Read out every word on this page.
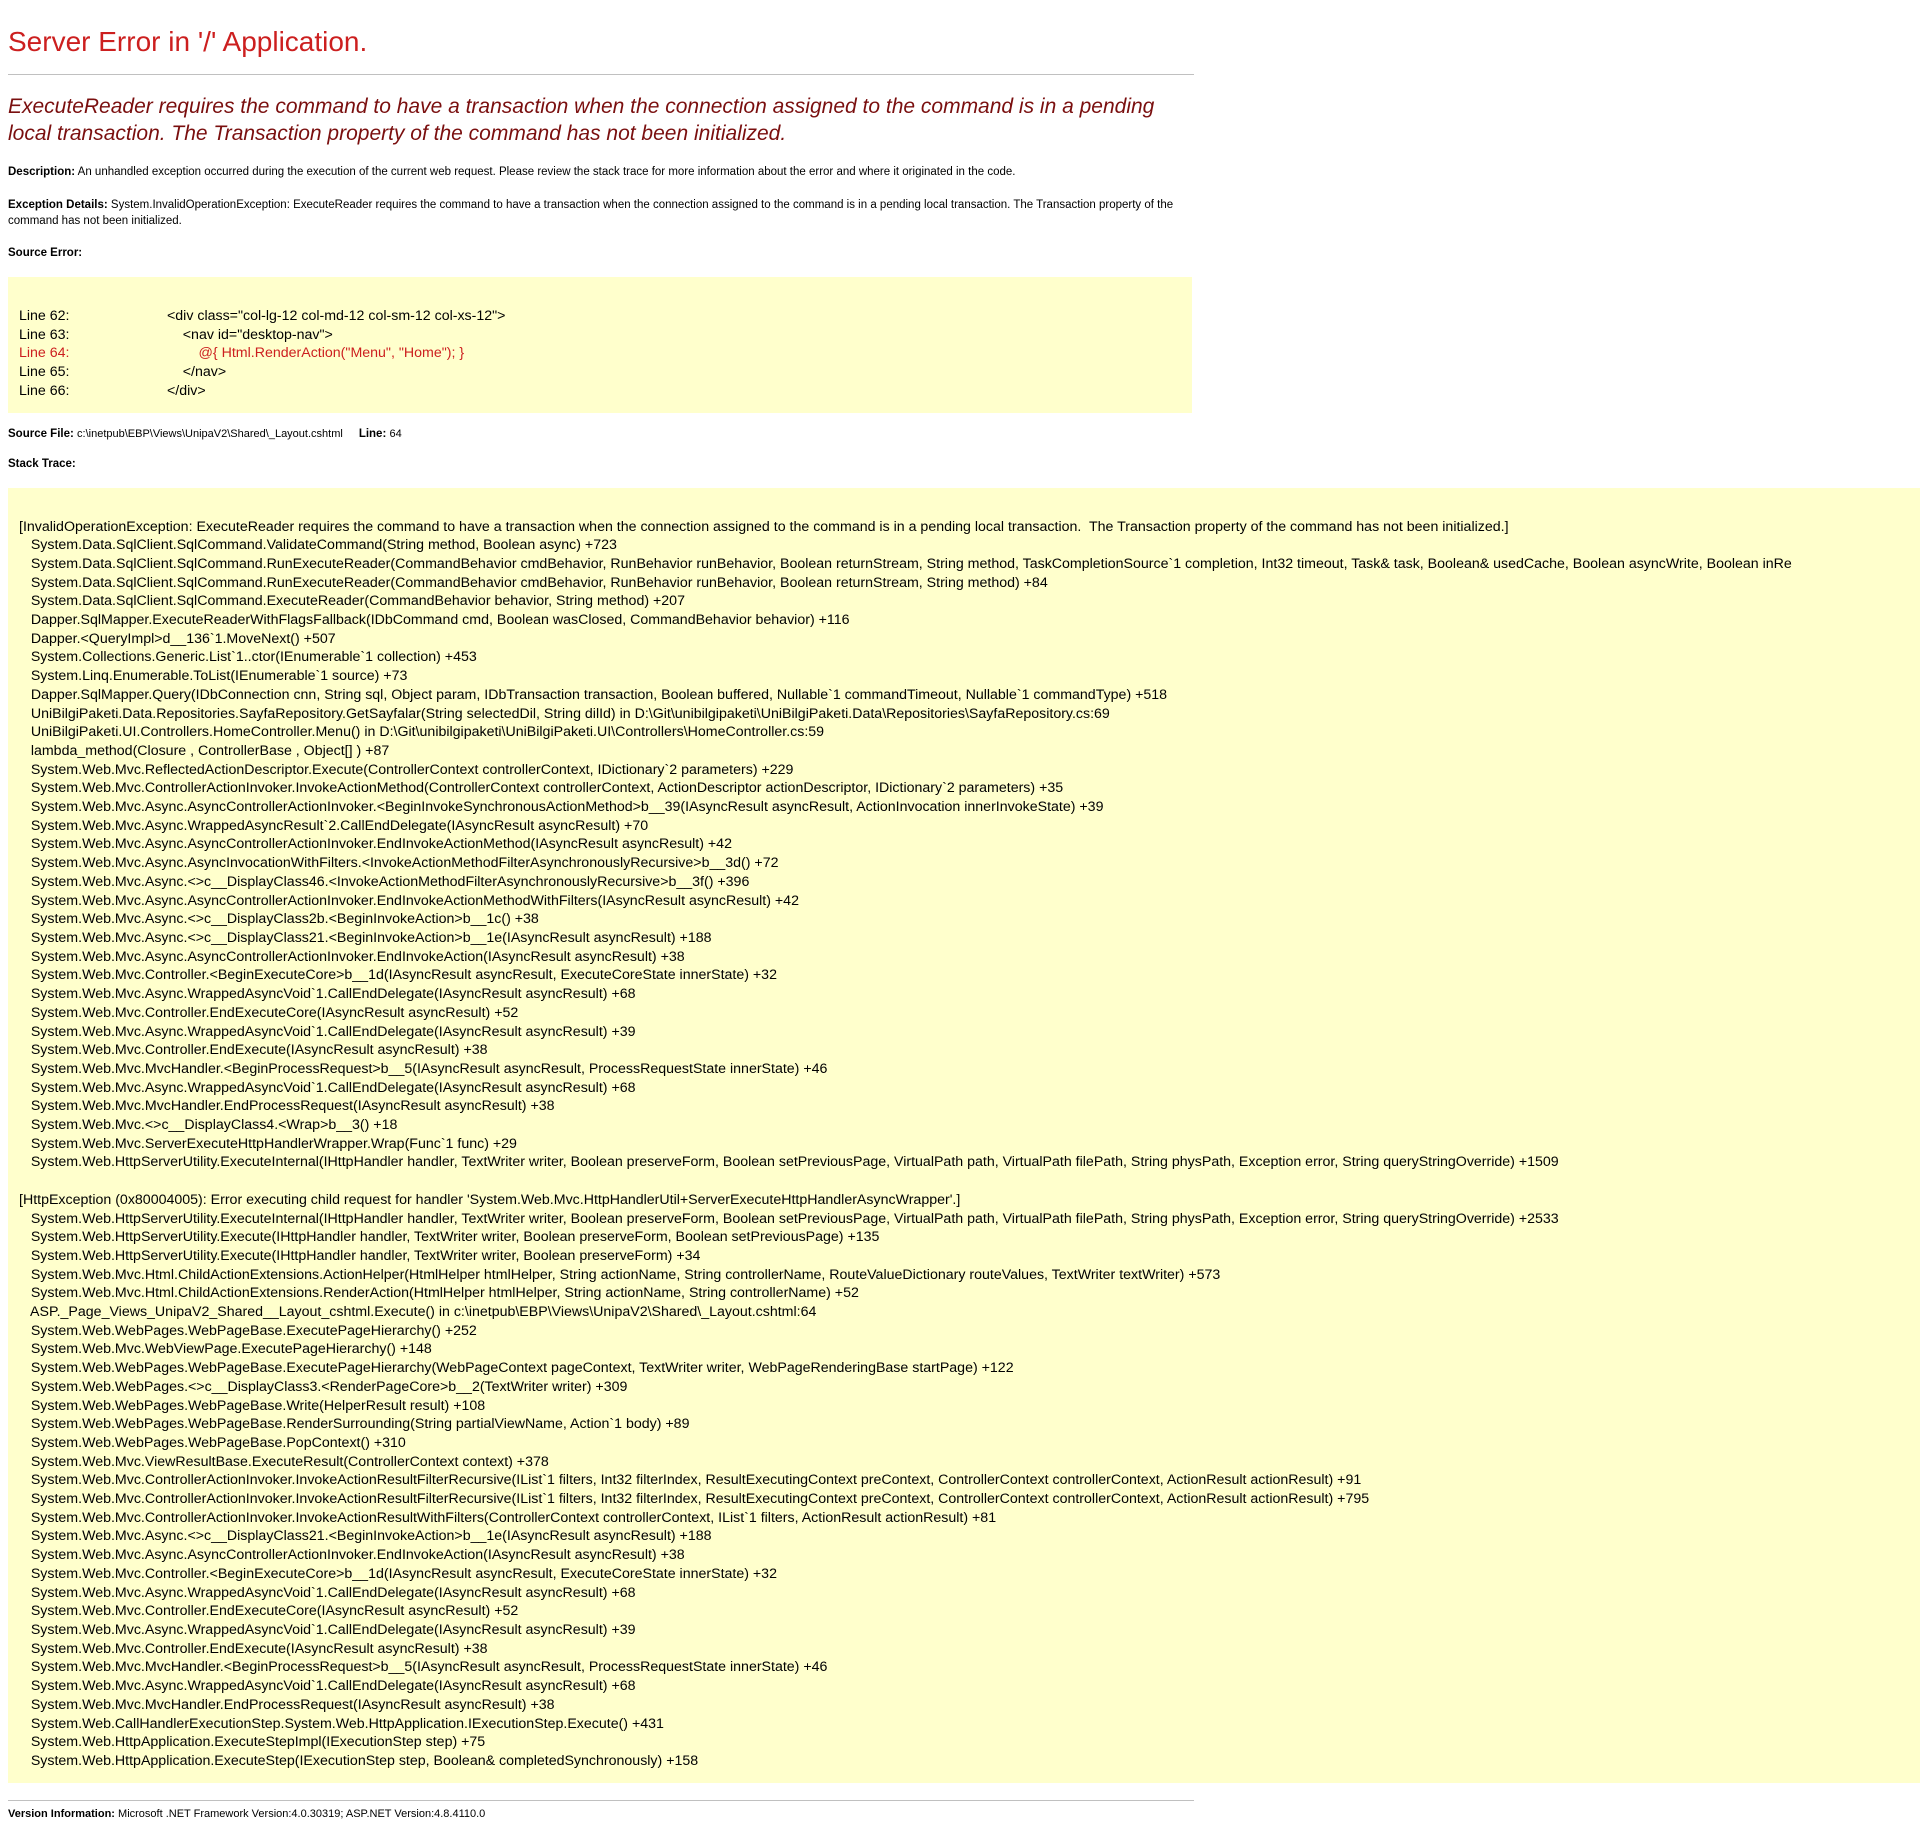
Server Error in '/' Application.
ExecuteReader requires the command to have a transaction when the connection assigned to the command is in a pending local transaction. The Transaction property of the command has not been initialized.
Description: An unhandled exception occurred during the execution of the current web request. Please review the stack trace for more information about the error and where it originated in the code.
Exception Details: System.InvalidOperationException: ExecuteReader requires the command to have a transaction when the connection assigned to the command is in a pending local transaction. The Transaction property of the command has not been initialized.
Source Error:
Line 62:	<div class="col-lg-12 col-md-12 col-sm-12 col-xs-12">
Line 63:	<nav id="desktop-nav">
Line 64:	@{ Html.RenderAction("Menu", "Home"); }
Line 65:	</nav>
Line 66:	</div>
Source File: c:\inetpub\EBP\Views\UnipaV2\Shared\_Layout.cshtml Line: 64
Stack Trace:
[InvalidOperationException: ExecuteReader requires the command to have a transaction when the connection assigned to the command is in a pending local transaction.  The Transaction property of the command has not been initialized.]
System.Data.SqlClient.SqlCommand.ValidateCommand(String method, Boolean async) +723
System.Data.SqlClient.SqlCommand.RunExecuteReader(CommandBehavior cmdBehavior, RunBehavior runBehavior, Boolean returnStream, String method, TaskCompletionSource`1 completion, Int32 timeout, Task& task, Boolean& usedCache, Boolean asyncWrite, Boolean inRe
System.Data.SqlClient.SqlCommand.RunExecuteReader(CommandBehavior cmdBehavior, RunBehavior runBehavior, Boolean returnStream, String method) +84
System.Data.SqlClient.SqlCommand.ExecuteReader(CommandBehavior behavior, String method) +207
Dapper.SqlMapper.ExecuteReaderWithFlagsFallback(IDbCommand cmd, Boolean wasClosed, CommandBehavior behavior) +116
Dapper.<QueryImpl>d__136`1.MoveNext() +507
System.Collections.Generic.List`1..ctor(IEnumerable`1 collection) +453
System.Linq.Enumerable.ToList(IEnumerable`1 source) +73
Dapper.SqlMapper.Query(IDbConnection cnn, String sql, Object param, IDbTransaction transaction, Boolean buffered, Nullable`1 commandTimeout, Nullable`1 commandType) +518
UniBilgiPaketi.Data.Repositories.SayfaRepository.GetSayfalar(String selectedDil, String dilId) in D:\Git\unibilgipaketi\UniBilgiPaketi.Data\Repositories\SayfaRepository.cs:69
UniBilgiPaketi.UI.Controllers.HomeController.Menu() in D:\Git\unibilgipaketi\UniBilgiPaketi.UI\Controllers\HomeController.cs:59
lambda_method(Closure , ControllerBase , Object[] ) +87
System.Web.Mvc.ReflectedActionDescriptor.Execute(ControllerContext controllerContext, IDictionary`2 parameters) +229
System.Web.Mvc.ControllerActionInvoker.InvokeActionMethod(ControllerContext controllerContext, ActionDescriptor actionDescriptor, IDictionary`2 parameters) +35
System.Web.Mvc.Async.AsyncControllerActionInvoker.<BeginInvokeSynchronousActionMethod>b__39(IAsyncResult asyncResult, ActionInvocation innerInvokeState) +39
System.Web.Mvc.Async.WrappedAsyncResult`2.CallEndDelegate(IAsyncResult asyncResult) +70
System.Web.Mvc.Async.AsyncControllerActionInvoker.EndInvokeActionMethod(IAsyncResult asyncResult) +42
System.Web.Mvc.Async.AsyncInvocationWithFilters.<InvokeActionMethodFilterAsynchronouslyRecursive>b__3d() +72
System.Web.Mvc.Async.<>c__DisplayClass46.<InvokeActionMethodFilterAsynchronouslyRecursive>b__3f() +396
System.Web.Mvc.Async.AsyncControllerActionInvoker.EndInvokeActionMethodWithFilters(IAsyncResult asyncResult) +42
System.Web.Mvc.Async.<>c__DisplayClass2b.<BeginInvokeAction>b__1c() +38
System.Web.Mvc.Async.<>c__DisplayClass21.<BeginInvokeAction>b__1e(IAsyncResult asyncResult) +188
System.Web.Mvc.Async.AsyncControllerActionInvoker.EndInvokeAction(IAsyncResult asyncResult) +38
System.Web.Mvc.Controller.<BeginExecuteCore>b__1d(IAsyncResult asyncResult, ExecuteCoreState innerState) +32
System.Web.Mvc.Async.WrappedAsyncVoid`1.CallEndDelegate(IAsyncResult asyncResult) +68
System.Web.Mvc.Controller.EndExecuteCore(IAsyncResult asyncResult) +52
System.Web.Mvc.Async.WrappedAsyncVoid`1.CallEndDelegate(IAsyncResult asyncResult) +39
System.Web.Mvc.Controller.EndExecute(IAsyncResult asyncResult) +38
System.Web.Mvc.MvcHandler.<BeginProcessRequest>b__5(IAsyncResult asyncResult, ProcessRequestState innerState) +46
System.Web.Mvc.Async.WrappedAsyncVoid`1.CallEndDelegate(IAsyncResult asyncResult) +68
System.Web.Mvc.MvcHandler.EndProcessRequest(IAsyncResult asyncResult) +38
System.Web.Mvc.<>c__DisplayClass4.<Wrap>b__3() +18
System.Web.Mvc.ServerExecuteHttpHandlerWrapper.Wrap(Func`1 func) +29
System.Web.HttpServerUtility.ExecuteInternal(IHttpHandler handler, TextWriter writer, Boolean preserveForm, Boolean setPreviousPage, VirtualPath path, VirtualPath filePath, String physPath, Exception error, String queryStringOverride) +1509
[HttpException (0x80004005): Error executing child request for handler 'System.Web.Mvc.HttpHandlerUtil+ServerExecuteHttpHandlerAsyncWrapper'.]
System.Web.HttpServerUtility.ExecuteInternal(IHttpHandler handler, TextWriter writer, Boolean preserveForm, Boolean setPreviousPage, VirtualPath path, VirtualPath filePath, String physPath, Exception error, String queryStringOverride) +2533
System.Web.HttpServerUtility.Execute(IHttpHandler handler, TextWriter writer, Boolean preserveForm, Boolean setPreviousPage) +135
System.Web.HttpServerUtility.Execute(IHttpHandler handler, TextWriter writer, Boolean preserveForm) +34
System.Web.Mvc.Html.ChildActionExtensions.ActionHelper(HtmlHelper htmlHelper, String actionName, String controllerName, RouteValueDictionary routeValues, TextWriter textWriter) +573
System.Web.Mvc.Html.ChildActionExtensions.RenderAction(HtmlHelper htmlHelper, String actionName, String controllerName) +52
ASP._Page_Views_UnipaV2_Shared__Layout_cshtml.Execute() in c:\inetpub\EBP\Views\UnipaV2\Shared\_Layout.cshtml:64
System.Web.WebPages.WebPageBase.ExecutePageHierarchy() +252
System.Web.Mvc.WebViewPage.ExecutePageHierarchy() +148
System.Web.WebPages.WebPageBase.ExecutePageHierarchy(WebPageContext pageContext, TextWriter writer, WebPageRenderingBase startPage) +122
System.Web.WebPages.<>c__DisplayClass3.<RenderPageCore>b__2(TextWriter writer) +309
System.Web.WebPages.WebPageBase.Write(HelperResult result) +108
System.Web.WebPages.WebPageBase.RenderSurrounding(String partialViewName, Action`1 body) +89
System.Web.WebPages.WebPageBase.PopContext() +310
System.Web.Mvc.ViewResultBase.ExecuteResult(ControllerContext context) +378
System.Web.Mvc.ControllerActionInvoker.InvokeActionResultFilterRecursive(IList`1 filters, Int32 filterIndex, ResultExecutingContext preContext, ControllerContext controllerContext, ActionResult actionResult) +91
System.Web.Mvc.ControllerActionInvoker.InvokeActionResultFilterRecursive(IList`1 filters, Int32 filterIndex, ResultExecutingContext preContext, ControllerContext controllerContext, ActionResult actionResult) +795
System.Web.Mvc.ControllerActionInvoker.InvokeActionResultWithFilters(ControllerContext controllerContext, IList`1 filters, ActionResult actionResult) +81
System.Web.Mvc.Async.<>c__DisplayClass21.<BeginInvokeAction>b__1e(IAsyncResult asyncResult) +188
System.Web.Mvc.Async.AsyncControllerActionInvoker.EndInvokeAction(IAsyncResult asyncResult) +38
System.Web.Mvc.Controller.<BeginExecuteCore>b__1d(IAsyncResult asyncResult, ExecuteCoreState innerState) +32
System.Web.Mvc.Async.WrappedAsyncVoid`1.CallEndDelegate(IAsyncResult asyncResult) +68
System.Web.Mvc.Controller.EndExecuteCore(IAsyncResult asyncResult) +52
System.Web.Mvc.Async.WrappedAsyncVoid`1.CallEndDelegate(IAsyncResult asyncResult) +39
System.Web.Mvc.Controller.EndExecute(IAsyncResult asyncResult) +38
System.Web.Mvc.MvcHandler.<BeginProcessRequest>b__5(IAsyncResult asyncResult, ProcessRequestState innerState) +46
System.Web.Mvc.Async.WrappedAsyncVoid`1.CallEndDelegate(IAsyncResult asyncResult) +68
System.Web.Mvc.MvcHandler.EndProcessRequest(IAsyncResult asyncResult) +38
System.Web.CallHandlerExecutionStep.System.Web.HttpApplication.IExecutionStep.Execute() +431
System.Web.HttpApplication.ExecuteStepImpl(IExecutionStep step) +75
System.Web.HttpApplication.ExecuteStep(IExecutionStep step, Boolean& completedSynchronously) +158
Version Information: Microsoft .NET Framework Version:4.0.30319; ASP.NET Version:4.8.4110.0
